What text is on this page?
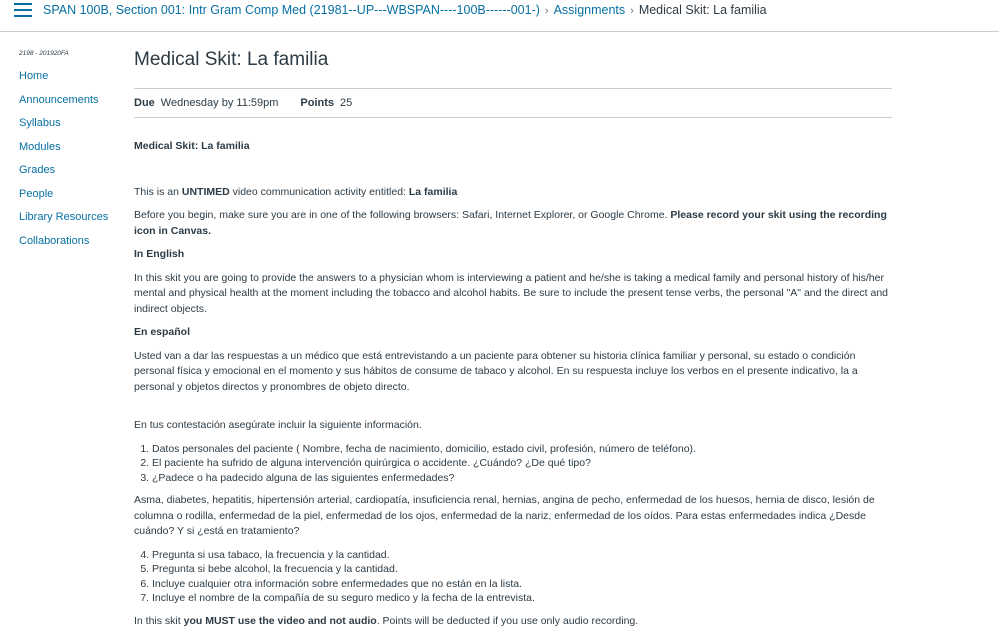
SPAN 100B, Section 001: Intr Gram Comp Med (21981--UP---WBSPAN----100B------001-) › Assignments › Medical Skit: La familia
2198 - 201920FA
Home
Announcements
Syllabus
Modules
Grades
People
Library Resources
Collaborations
Medical Skit: La familia
Due Wednesday by 11:59pm Points 25

Medical Skit: La familia

This is an UNTIMED video communication activity entitled: La familia

Before you begin, make sure you are in one of the following browsers: Safari, Internet Explorer, or Google Chrome. Please record your skit using the recording icon in Canvas.

In English

In this skit you are going to provide the answers to a physician whom is interviewing a patient and he/she is taking a medical family and personal history of his/her mental and physical health at the moment including the tobacco and alcohol habits. Be sure to include the present tense verbs, the personal "A" and the direct and indirect objects.

En español

Usted van a dar las respuestas a un médico que está entrevistando a un paciente para obtener su historia clínica familiar y personal, su estado o condición personal física y emocional en el momento y sus hábitos de consume de tabaco y alcohol. En su respuesta incluye los verbos en el presente indicativo, la a personal y objetos directos y pronombres de objeto directo.

En tus contestación asegúrate incluir la siguiente información.

1. Datos personales del paciente ( Nombre, fecha de nacimiento, domicilio, estado civil, profesión, número de teléfono).
2. El paciente ha sufrido de alguna intervención quirúrgica o accidente. ¿Cuándo? ¿De qué tipo?
3. ¿Padece o ha padecido alguna de las siguientes enfermedades?

Asma, diabetes, hepatitis, hipertensión arterial, cardiopatía, insuficiencia renal, hernias, angina de pecho, enfermedad de los huesos, hernia de disco, lesión de columna o rodilla, enfermedad de la piel, enfermedad de los ojos, enfermedad de la nariz, enfermedad de los oídos. Para estas enfermedades indica ¿Desde cuándo? Y si ¿está en tratamiento?

4. Pregunta si usa tabaco, la frecuencia y la cantidad.
5. Pregunta si bebe alcohol, la frecuencia y la cantidad.
6. Incluye cualquier otra información sobre enfermedades que no están en la lista.
7. Incluye el nombre de la compañía de su seguro medico y la fecha de la entrevista.

In this skit you MUST use the video and not audio. Points will be deducted if you use only audio recording.
